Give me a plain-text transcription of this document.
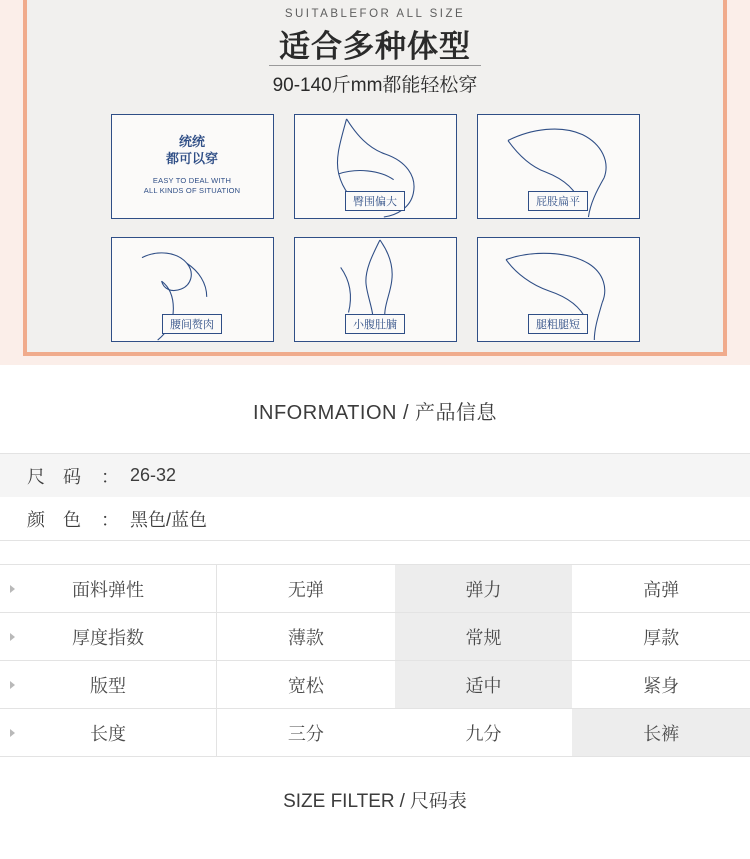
SUITABLEFOR ALL SIZE
适合多种体型
90-140斤mm都能轻松穿
统统
都可以穿
EASY TO DEAL WITH
ALL KINDS OF SITUATION
臀围偏大	屁股扁平
腰间赘肉	小腹肚腩	腿粗腿短
INFORMATION / 产品信息
尺 码 ： 26-32
颜 色 ： 黑色/蓝色
面料弹性	无弹	弹力	高弹
厚度指数	薄款	常规	厚款
版型	宽松	适中	紧身
长度	三分	九分	长裤
SIZE FILTER / 尺码表
